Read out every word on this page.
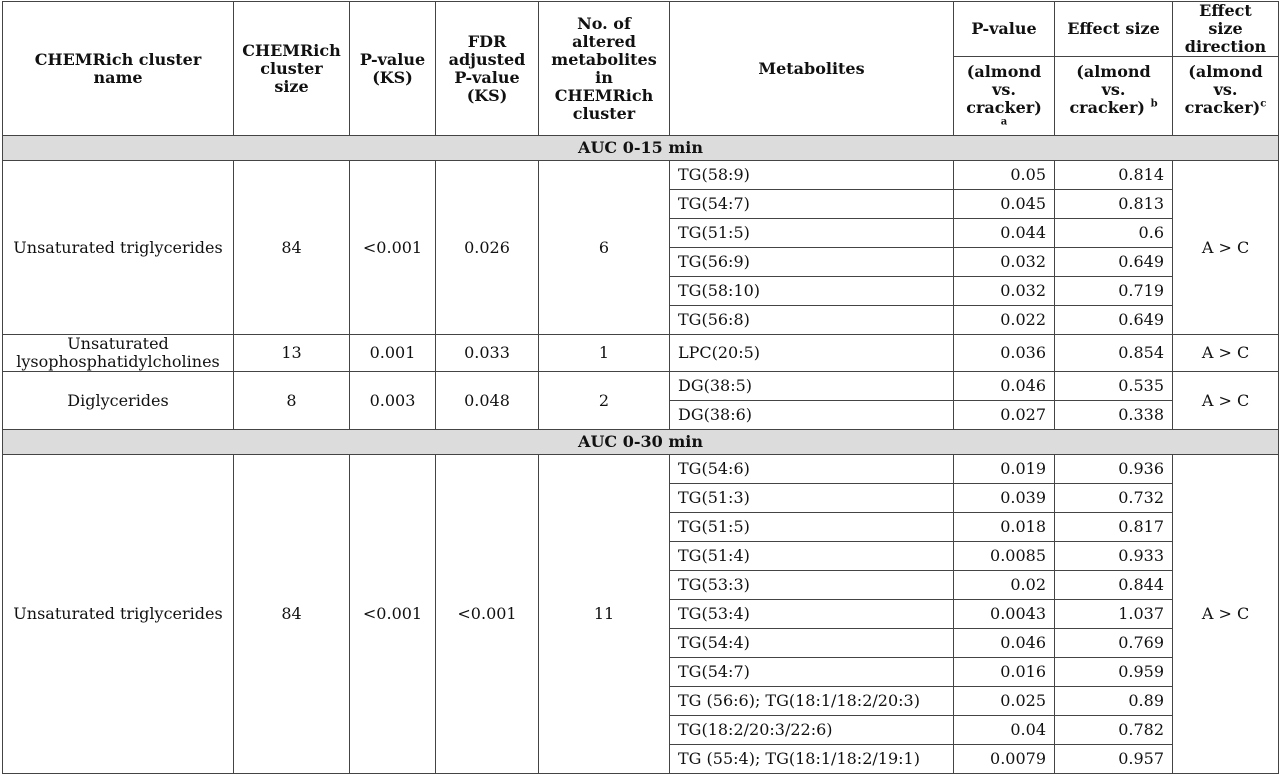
CHEMRich cluster name	CHEMRich cluster size	P-value (KS)	FDR adjusted P-value (KS)	No. of altered metabolites in CHEMRich cluster	Metabolites	P-value	Effect size	Effect size direction
						(almond vs. cracker) $^a$	(almond vs. cracker) $^b$	(almond vs. cracker)$^c$
AUC 0-15 min								
Unsaturated triglycerides	84	<0.001	0.026	6	TG(58:9)	0.05	0.814	A > C
					TG(54:7)	0.045	0.813	
					TG(51:5)	0.044	0.6	
					TG(56:9)	0.032	0.649	
					TG(58:10)	0.032	0.719	
					TG(56:8)	0.022	0.649	
Unsaturated lysophosphatidylcholines	13	0.001	0.033	1	LPC(20:5)	0.036	0.854	A > C
Diglycerides	8	0.003	0.048	2	DG(38:5)	0.046	0.535	A > C
					DG(38:6)	0.027	0.338	
AUC 0-30 min								
Unsaturated triglycerides	84	<0.001	<0.001	11	TG(54:6)	0.019	0.936	A > C
					TG(51:3)	0.039	0.732	
					TG(51:5)	0.018	0.817	
					TG(51:4)	0.0085	0.933	
					TG(53:3)	0.02	0.844	
					TG(53:4)	0.0043	1.037	
					TG(54:4)	0.046	0.769	
					TG(54:7)	0.016	0.959	
					TG (56:6); TG(18:1/18:2/20:3)	0.025	0.89	
					TG(18:2/20:3/22:6)	0.04	0.782	
					TG (55:4); TG(18:1/18:2/19:1)	0.0079	0.957	
